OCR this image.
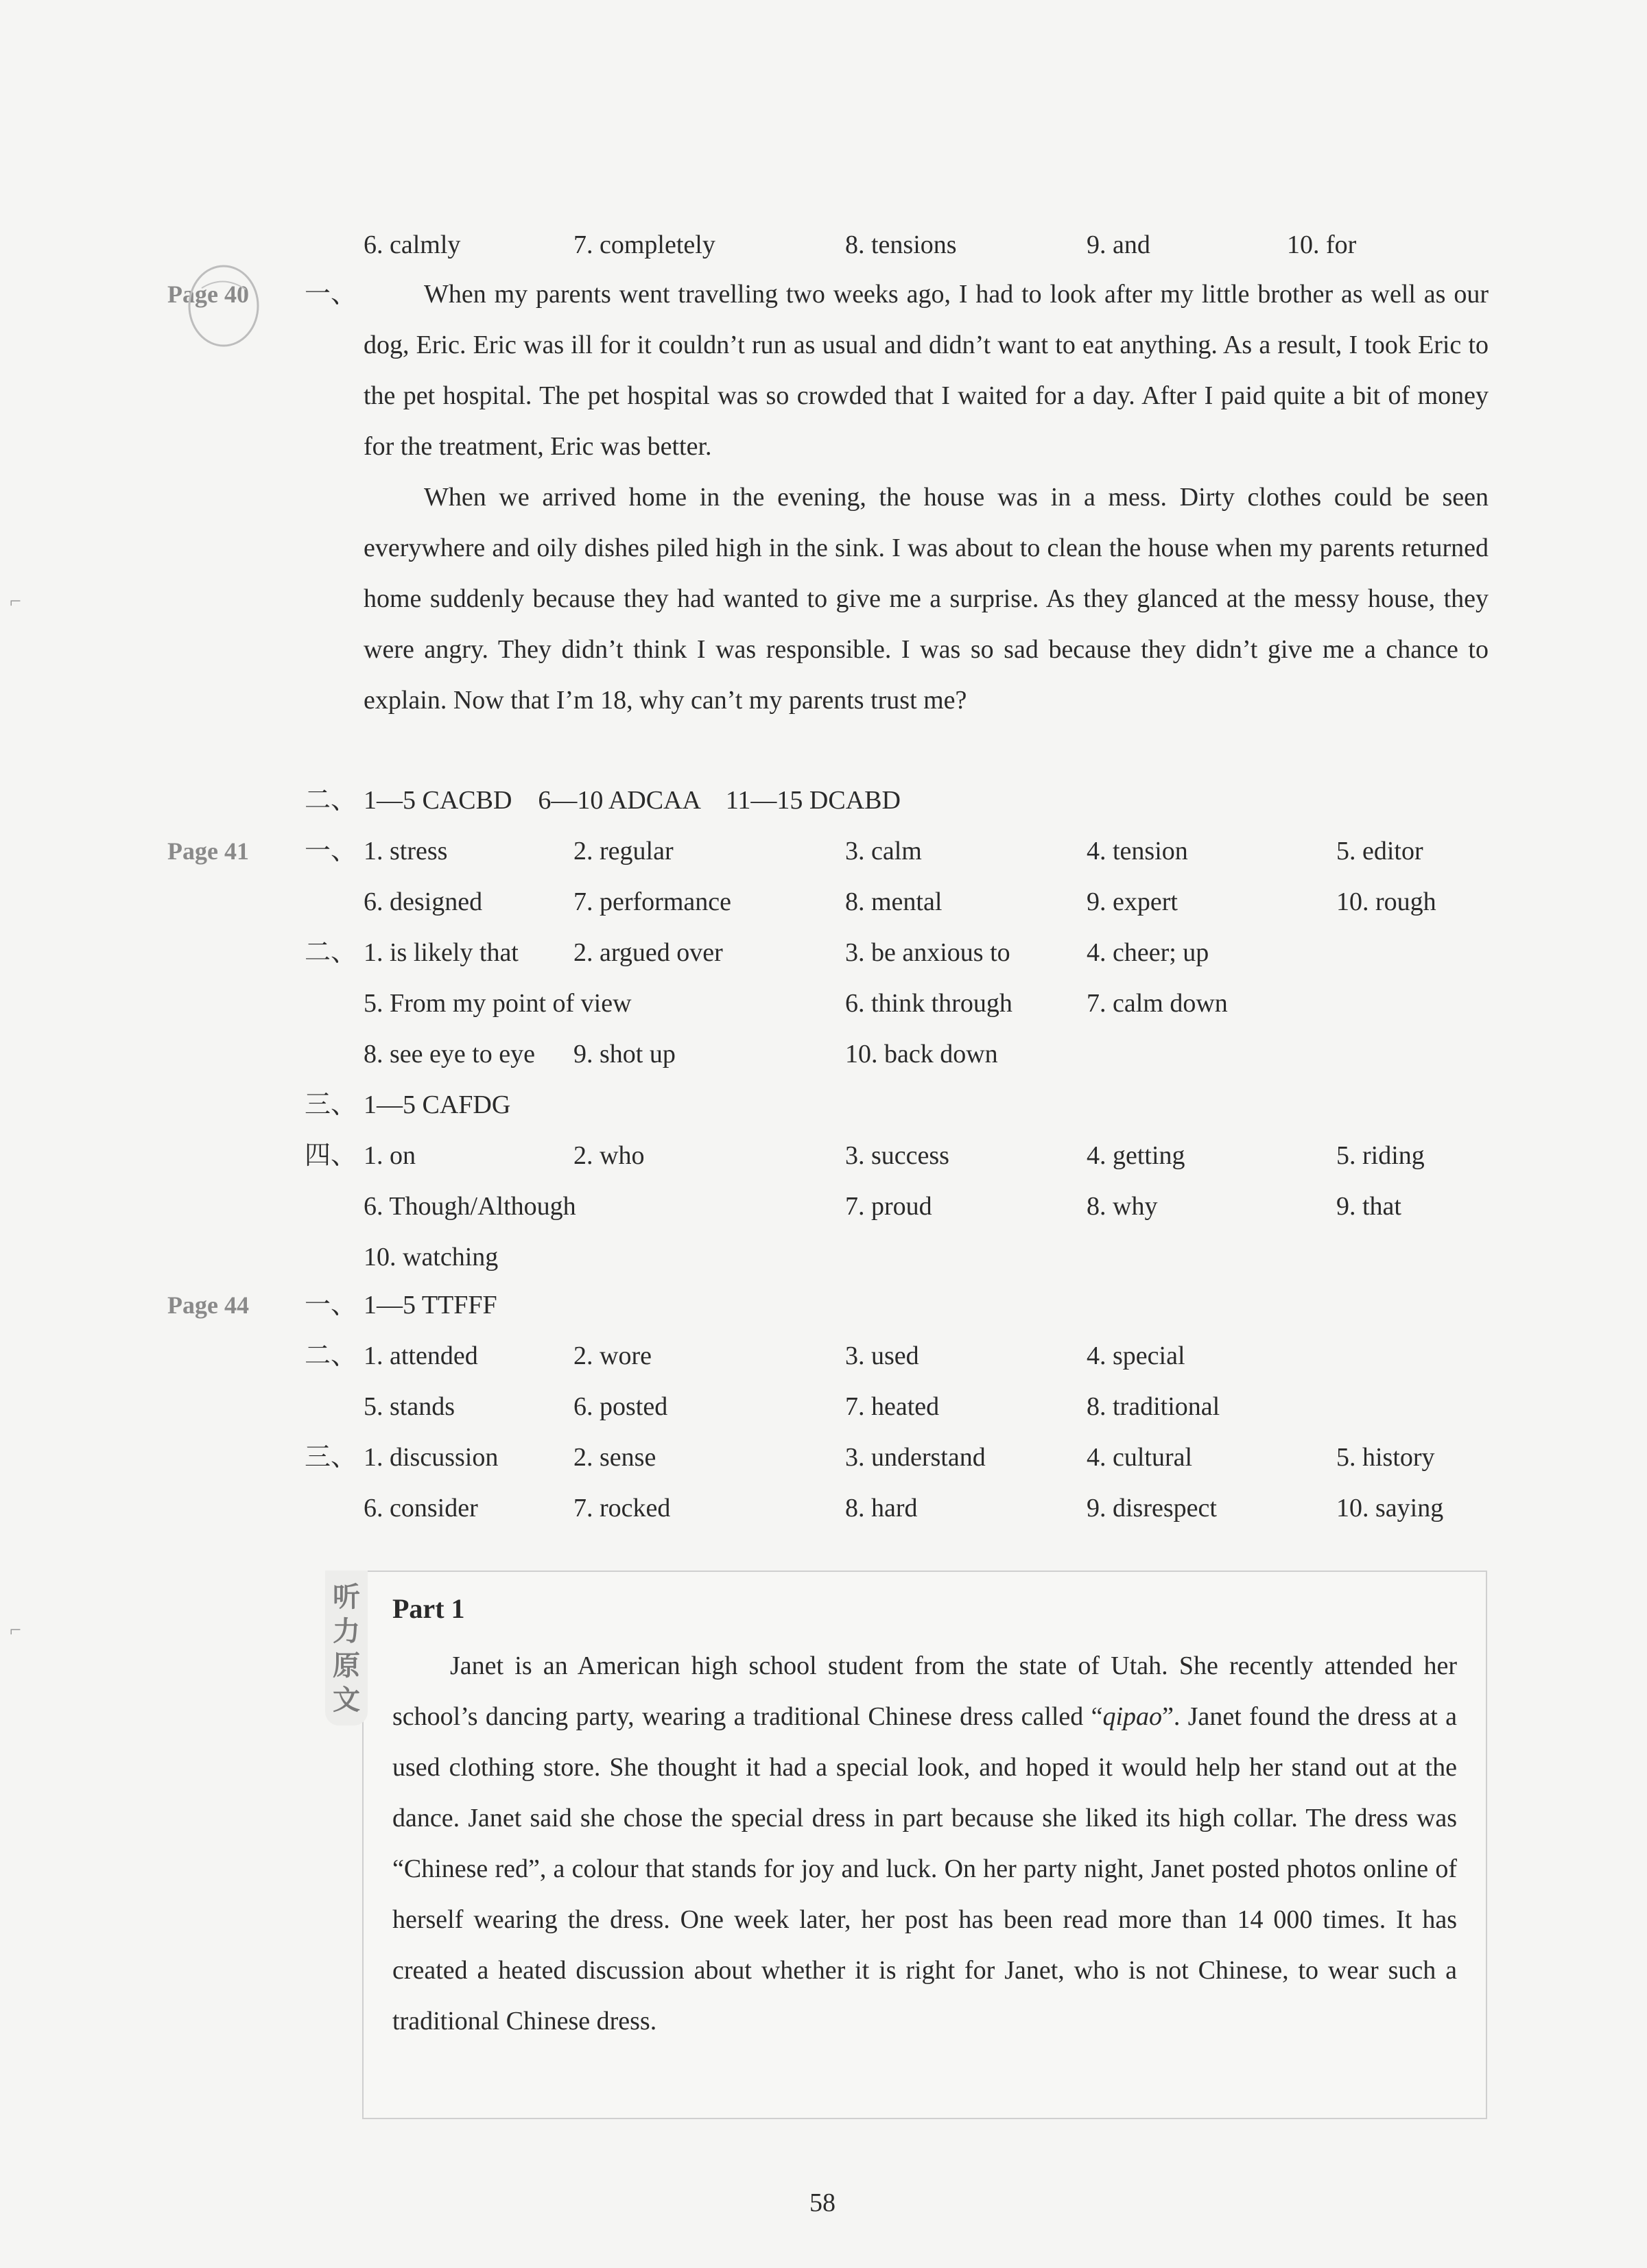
6. calmly	7. completely	8. tensions	9. and	10. for
Page 40 一、	When my parents went travelling two weeks ago, I had to look after my little brother as well as our dog, Eric. Eric was ill for it couldn’t run as usual and didn’t want to eat anything. As a result, I took Eric to the pet hospital. The pet hospital was so crowded that I waited for a day. After I paid quite a bit of money for the treatment, Eric was better.
When we arrived home in the evening, the house was in a mess. Dirty clothes could be seen everywhere and oily dishes piled high in the sink. I was about to clean the house when my parents returned home suddenly because they had wanted to give me a surprise. As they glanced at the messy house, they were angry. They didn’t think I was responsible. I was so sad because they didn’t give me a chance to explain. Now that I’m 18, why can’t my parents trust me?
二、 1—5 CACBD　6—10 ADCAA　11—15 DCABD
Page 41 一、 1. stress	2. regular	3. calm	4. tension	5. editor
6. designed	7. performance	8. mental	9. expert	10. rough
二、 1. is likely that 2. argued over	3. be anxious to	4. cheer; up
5. From my point of view	6. think through	7. calm down
8. see eye to eye 9. shot up	10. back down
三、 1—5 CAFDG
四、 1. on	2. who	3. success	4. getting	5. riding
6. Though/Although	7. proud	8. why	9. that
10. watching
Page 44 一、 1—5 TTFFF
二、 1. attended	2. wore	3. used	4. special
5. stands	6. posted	7. heated	8. traditional
三、 1. discussion	2. sense	3. understand	4. cultural	5. history
6. consider	7. rocked	8. hard	9. disrespect	10. saying
听力原文
Part 1
Janet is an American high school student from the state of Utah. She recently attended her school’s dancing party, wearing a traditional Chinese dress called “qipao”. Janet found the dress at a used clothing store. She thought it had a special look, and hoped it would help her stand out at the dance. Janet said she chose the special dress in part because she liked its high collar. The dress was “Chinese red”, a colour that stands for joy and luck. On her party night, Janet posted photos online of herself wearing the dress. One week later, her post has been read more than 14 000 times. It has created a heated discussion about whether it is right for Janet, who is not Chinese, to wear such a traditional Chinese dress.
⌐
⌐
58
